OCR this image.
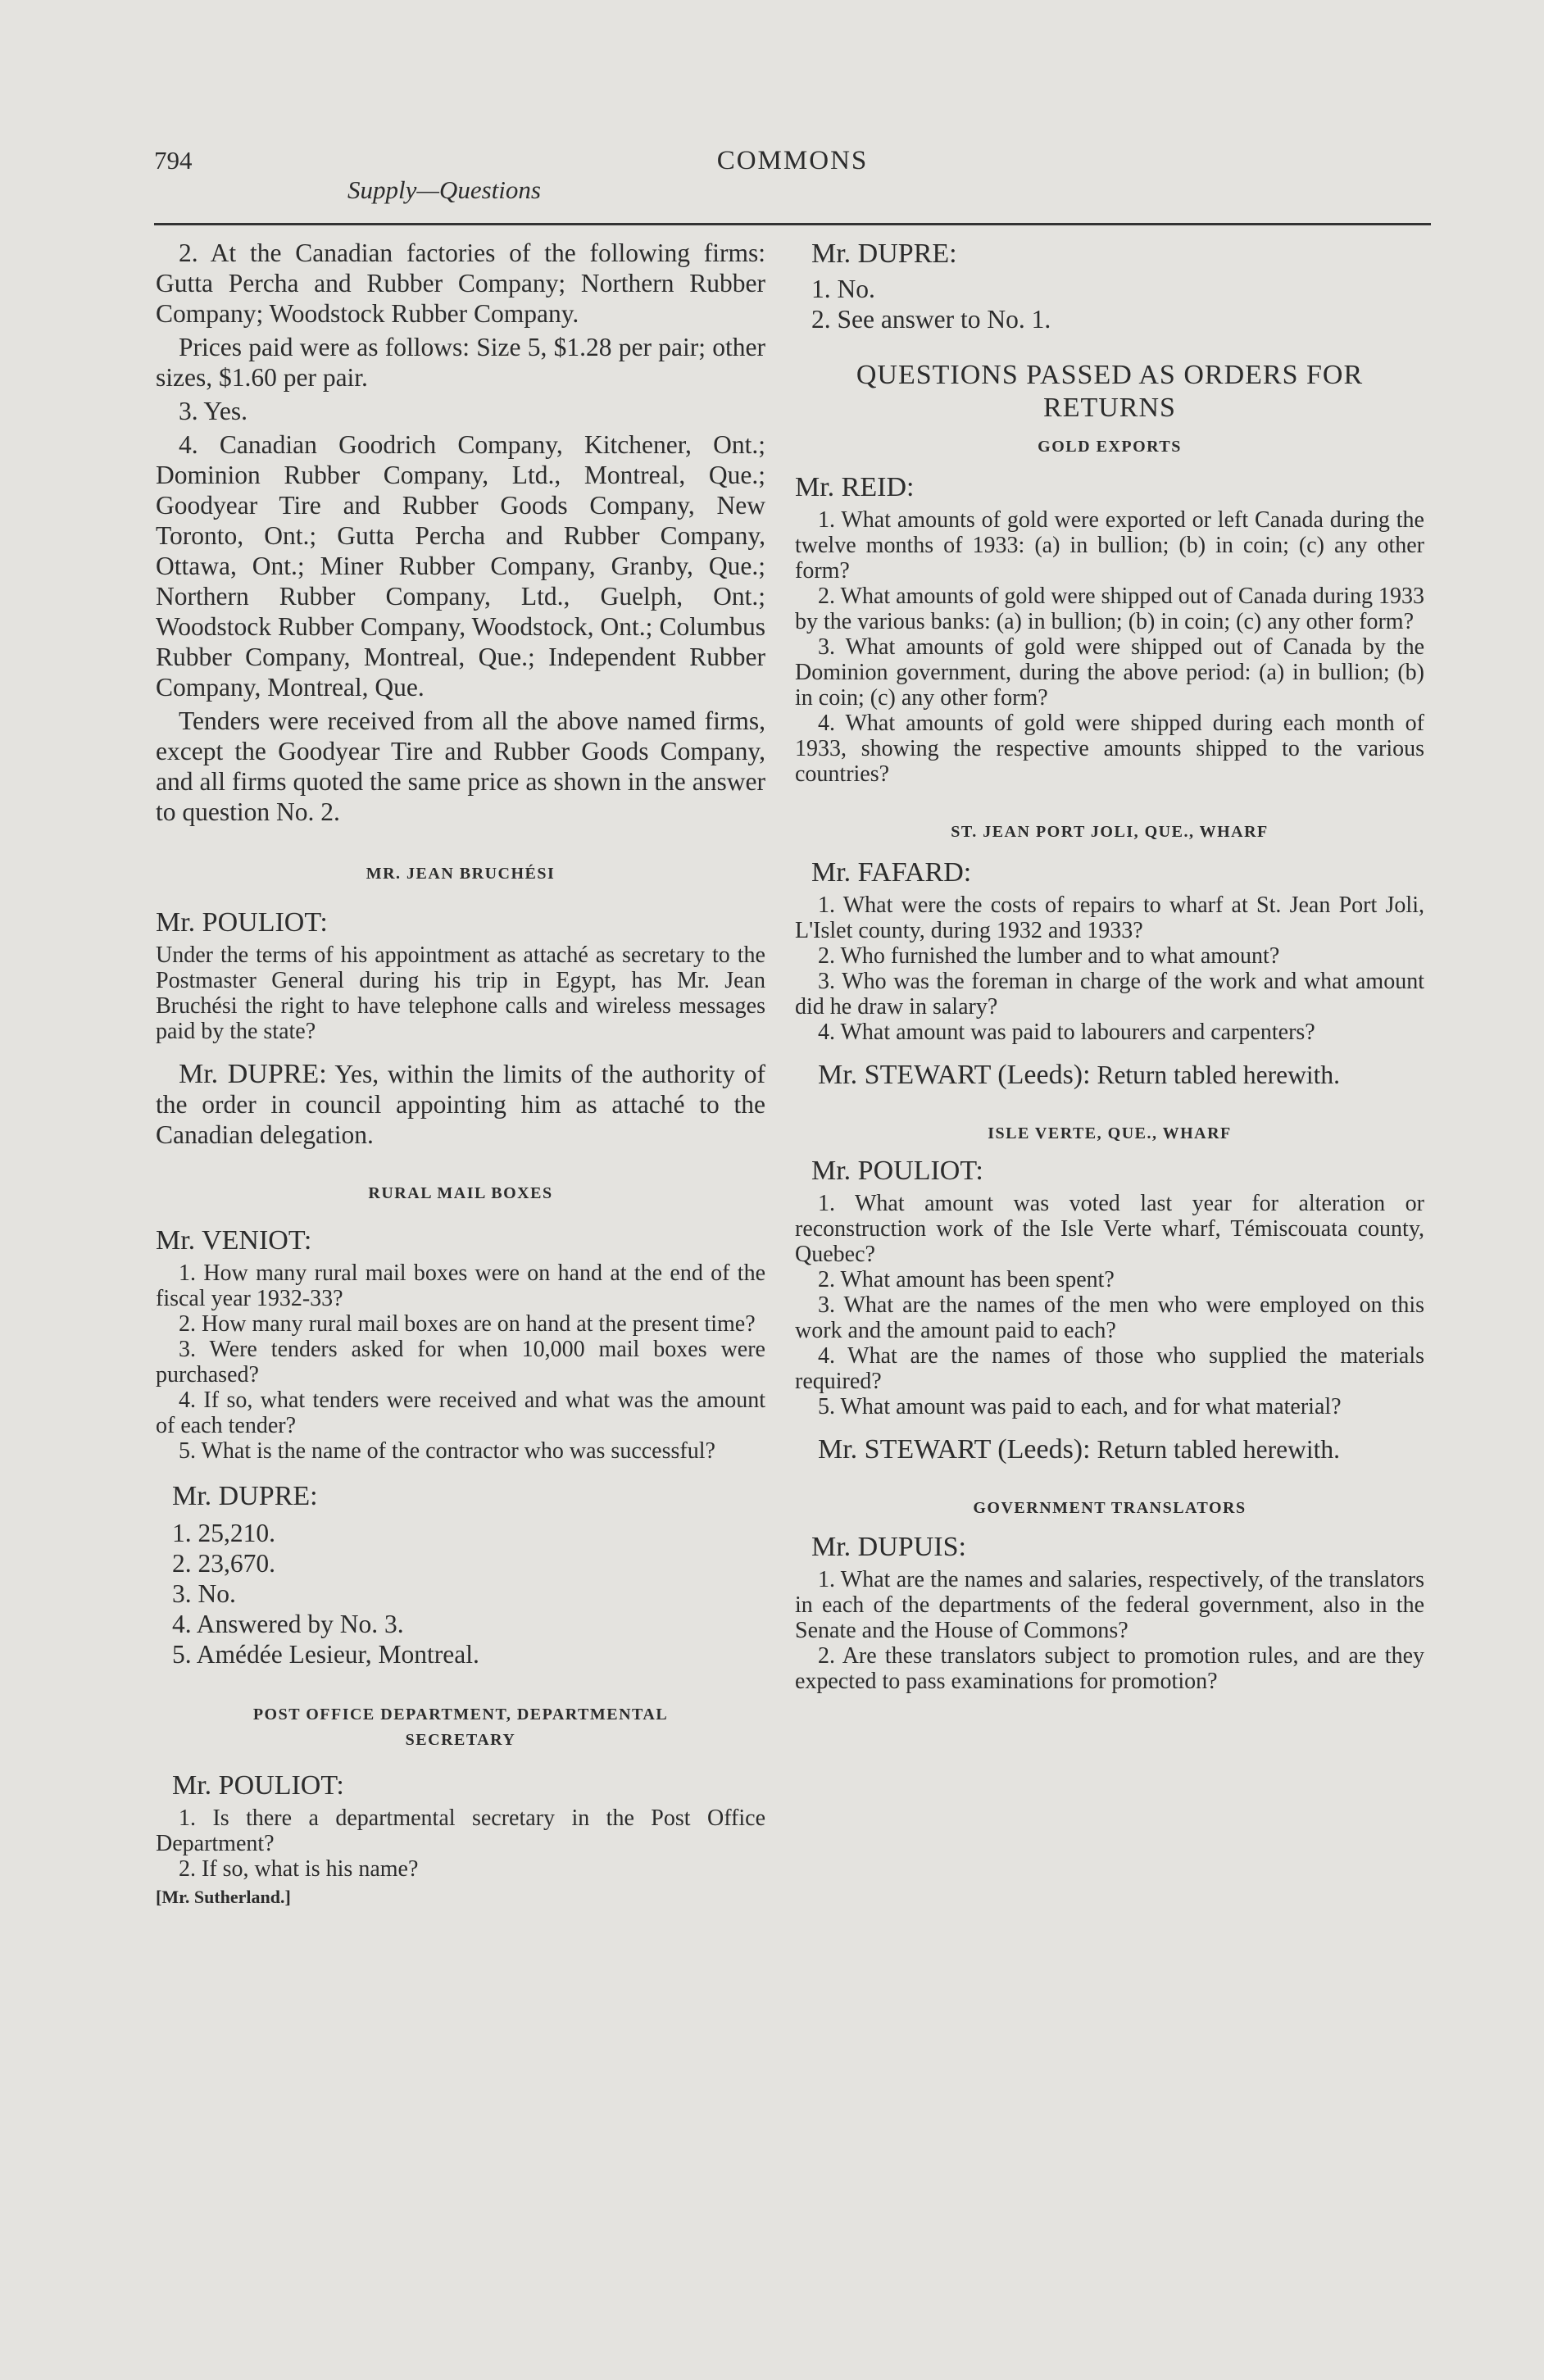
794	COMMONS
Supply—Questions

2. At the Canadian factories of the following firms: Gutta Percha and Rubber Company; Northern Rubber Company; Woodstock Rubber Company.

Prices paid were as follows: Size 5, $1.28 per pair; other sizes, $1.60 per pair.

3. Yes.

4. Canadian Goodrich Company, Kitchener, Ont.; Dominion Rubber Company, Ltd., Montreal, Que.; Goodyear Tire and Rubber Goods Company, New Toronto, Ont.; Gutta Percha and Rubber Company, Ottawa, Ont.; Miner Rubber Company, Granby, Que.; Northern Rubber Company, Ltd., Guelph, Ont.; Woodstock Rubber Company, Woodstock, Ont.; Columbus Rubber Company, Montreal, Que.; Independent Rubber Company, Montreal, Que.

Tenders were received from all the above named firms, except the Goodyear Tire and Rubber Goods Company, and all firms quoted the same price as shown in the answer to question No. 2.

MR. JEAN BRUCHÉSI

Mr. POULIOT:

Under the terms of his appointment as attaché as secretary to the Postmaster General during his trip in Egypt, has Mr. Jean Bruchési the right to have telephone calls and wireless messages paid by the state?

Mr. DUPRE: Yes, within the limits of the authority of the order in council appointing him as attaché to the Canadian delegation.

RURAL MAIL BOXES

Mr. VENIOT:

1. How many rural mail boxes were on hand at the end of the fiscal year 1932-33?

2. How many rural mail boxes are on hand at the present time?

3. Were tenders asked for when 10,000 mail boxes were purchased?

4. If so, what tenders were received and what was the amount of each tender?

5. What is the name of the contractor who was successful?

Mr. DUPRE:

1. 25,210.

2. 23,670.

3. No.

4. Answered by No. 3.

5. Amédée Lesieur, Montreal.

POST OFFICE DEPARTMENT, DEPARTMENTAL

SECRETARY

Mr. POULIOT:

1. Is there a departmental secretary in the Post Office Department?

2. If so, what is his name?

[Mr. Sutherland.]

Mr. DUPRE:

1. No.

2. See answer to No. 1.

QUESTIONS PASSED AS ORDERS FOR RETURNS

GOLD EXPORTS

Mr. REID:

1. What amounts of gold were exported or left Canada during the twelve months of 1933: (a) in bullion; (b) in coin; (c) any other form?

2. What amounts of gold were shipped out of Canada during 1933 by the various banks: (a) in bullion; (b) in coin; (c) any other form?

3. What amounts of gold were shipped out of Canada by the Dominion government, during the above period: (a) in bullion; (b) in coin; (c) any other form?

4. What amounts of gold were shipped during each month of 1933, showing the respective amounts shipped to the various countries?

ST. JEAN PORT JOLI, QUE., WHARF

Mr. FAFARD:

1. What were the costs of repairs to wharf at St. Jean Port Joli, L'Islet county, during 1932 and 1933?

2. Who furnished the lumber and to what amount?

3. Who was the foreman in charge of the work and what amount did he draw in salary?

4. What amount was paid to labourers and carpenters?

Mr. STEWART (Leeds): Return tabled herewith.

ISLE VERTE, QUE., WHARF

Mr. POULIOT:

1. What amount was voted last year for alteration or reconstruction work of the Isle Verte wharf, Témiscouata county, Quebec?

2. What amount has been spent?

3. What are the names of the men who were employed on this work and the amount paid to each?

4. What are the names of those who supplied the materials required?

5. What amount was paid to each, and for what material?

Mr. STEWART (Leeds): Return tabled herewith.

GOVERNMENT TRANSLATORS

Mr. DUPUIS:

1. What are the names and salaries, respectively, of the translators in each of the departments of the federal government, also in the Senate and the House of Commons?

2. Are these translators subject to promotion rules, and are they expected to pass examinations for promotion?
